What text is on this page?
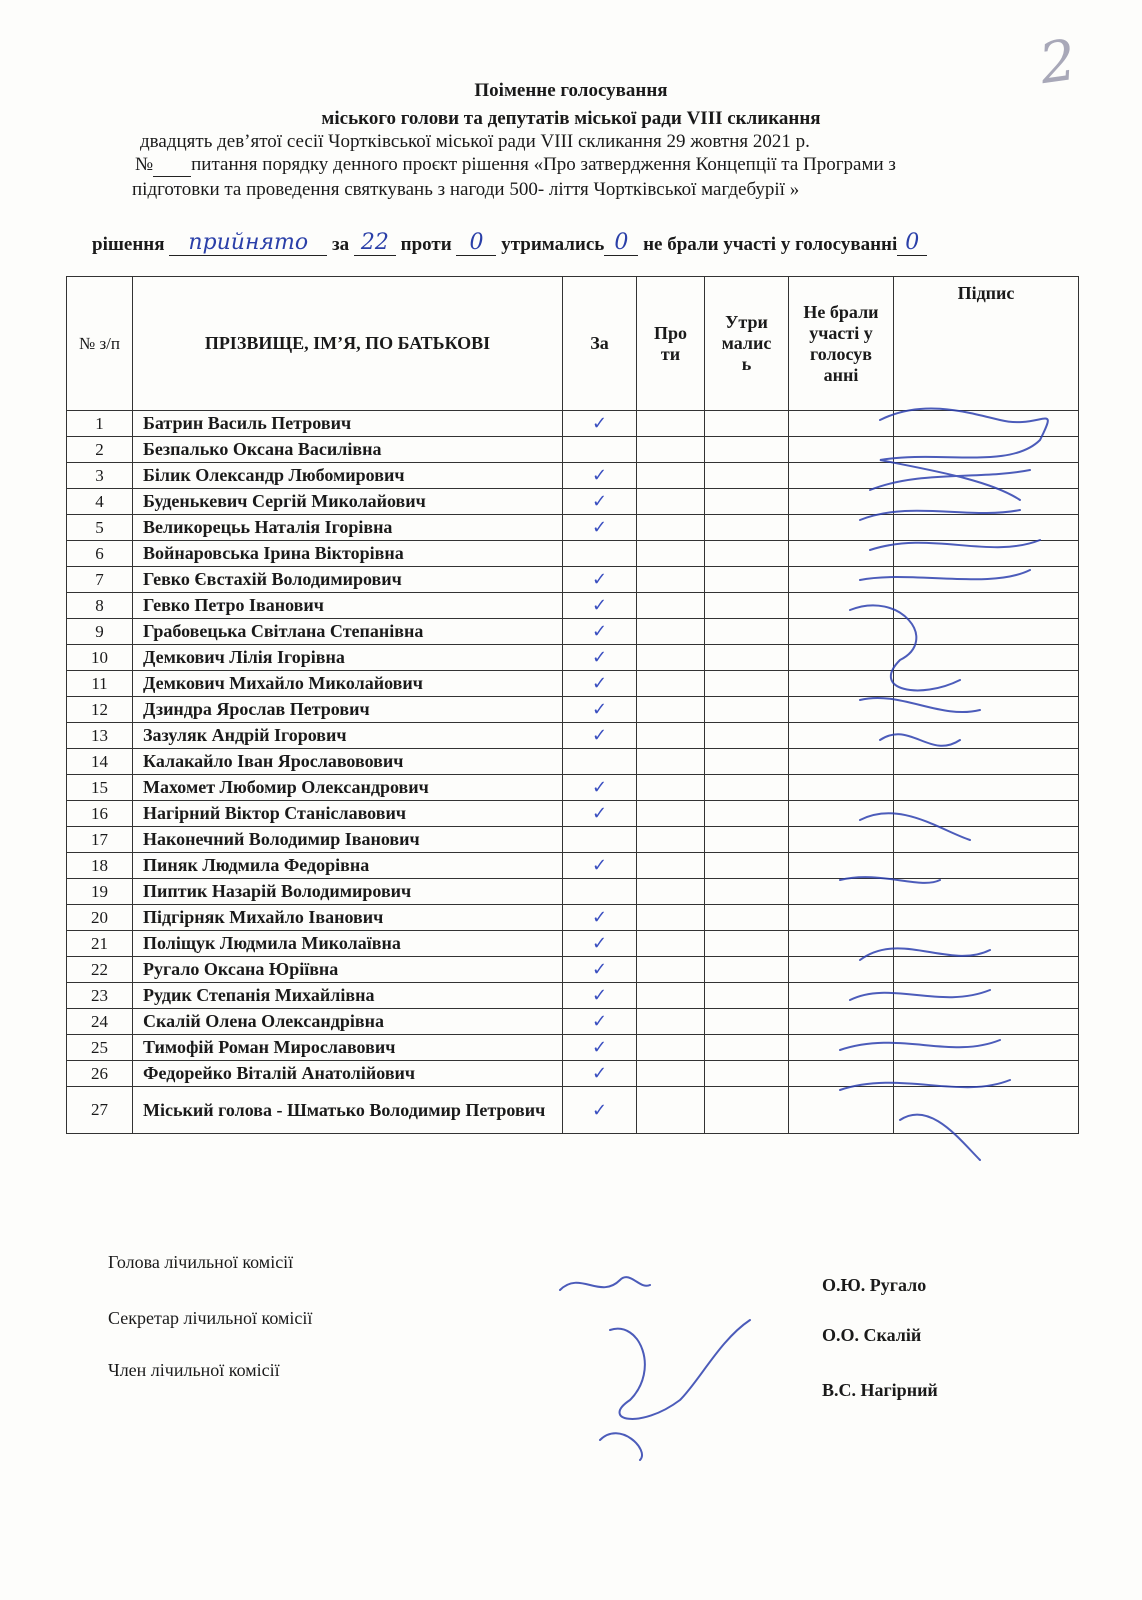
2
Поіменне голосування
міського голови та депутатів міської ради VIII скликання
двадцять дев’ятої сесії Чортківської міської ради VIII скликання 29 жовтня 2021 р.
№ питання порядку денного проєкт рішення «Про затвердження Концепції та Програми з
підготовки та проведення святкувань з нагоди 500- ліття Чортківської магдебурії »
рішення прийнято за 22 проти 0 утримались 0 не брали участі у голосуванні 0
№ з/п	ПРІЗВИЩЕ, ІМ’Я, ПО БАТЬКОВІ	За	Про ти	Утри малис ь	Не брали участі у голосув анні	Підпис
1	Батрин Василь Петрович	✓				
2	Безпалько Оксана Василівна					
3	Білик Олександр Любомирович	✓				
4	Буденькевич Сергій Миколайович	✓				
5	Великорецьь Наталія Ігорівна	✓				
6	Войнаровська Ірина Вікторівна					
7	Гевко Євстахій Володимирович	✓				
8	Гевко Петро Іванович	✓				
9	Грабовецька Світлана Степанівна	✓				
10	Демкович Лілія Ігорівна	✓				
11	Демкович Михайло Миколайович	✓				
12	Дзиндра Ярослав Петрович	✓				
13	Зазуляк Андрій Ігорович	✓				
14	Калакайло Іван Ярославовович					
15	Махомет Любомир Олександрович	✓				
16	Нагірний Віктор Станіславович	✓				
17	Наконечний Володимир Іванович					
18	Пиняк Людмила Федорівна	✓				
19	Пиптик Назарій Володимирович					
20	Підгірняк Михайло Іванович	✓				
21	Поліщук Людмила Миколаївна	✓				
22	Ругало Оксана Юріївна	✓				
23	Рудик Степанія Михайлівна	✓				
24	Скалій Олена Олександрівна	✓				
25	Тимофій Роман Мирославович	✓				
26	Федорейко Віталій Анатолійович	✓				
27	Міський голова - Шматько Володимир Петрович	✓				
Голова лічильної комісії
О.Ю. Ругало
Секретар лічильної комісії
О.О. Скалій
Член лічильної комісії
В.С. Нагірний
